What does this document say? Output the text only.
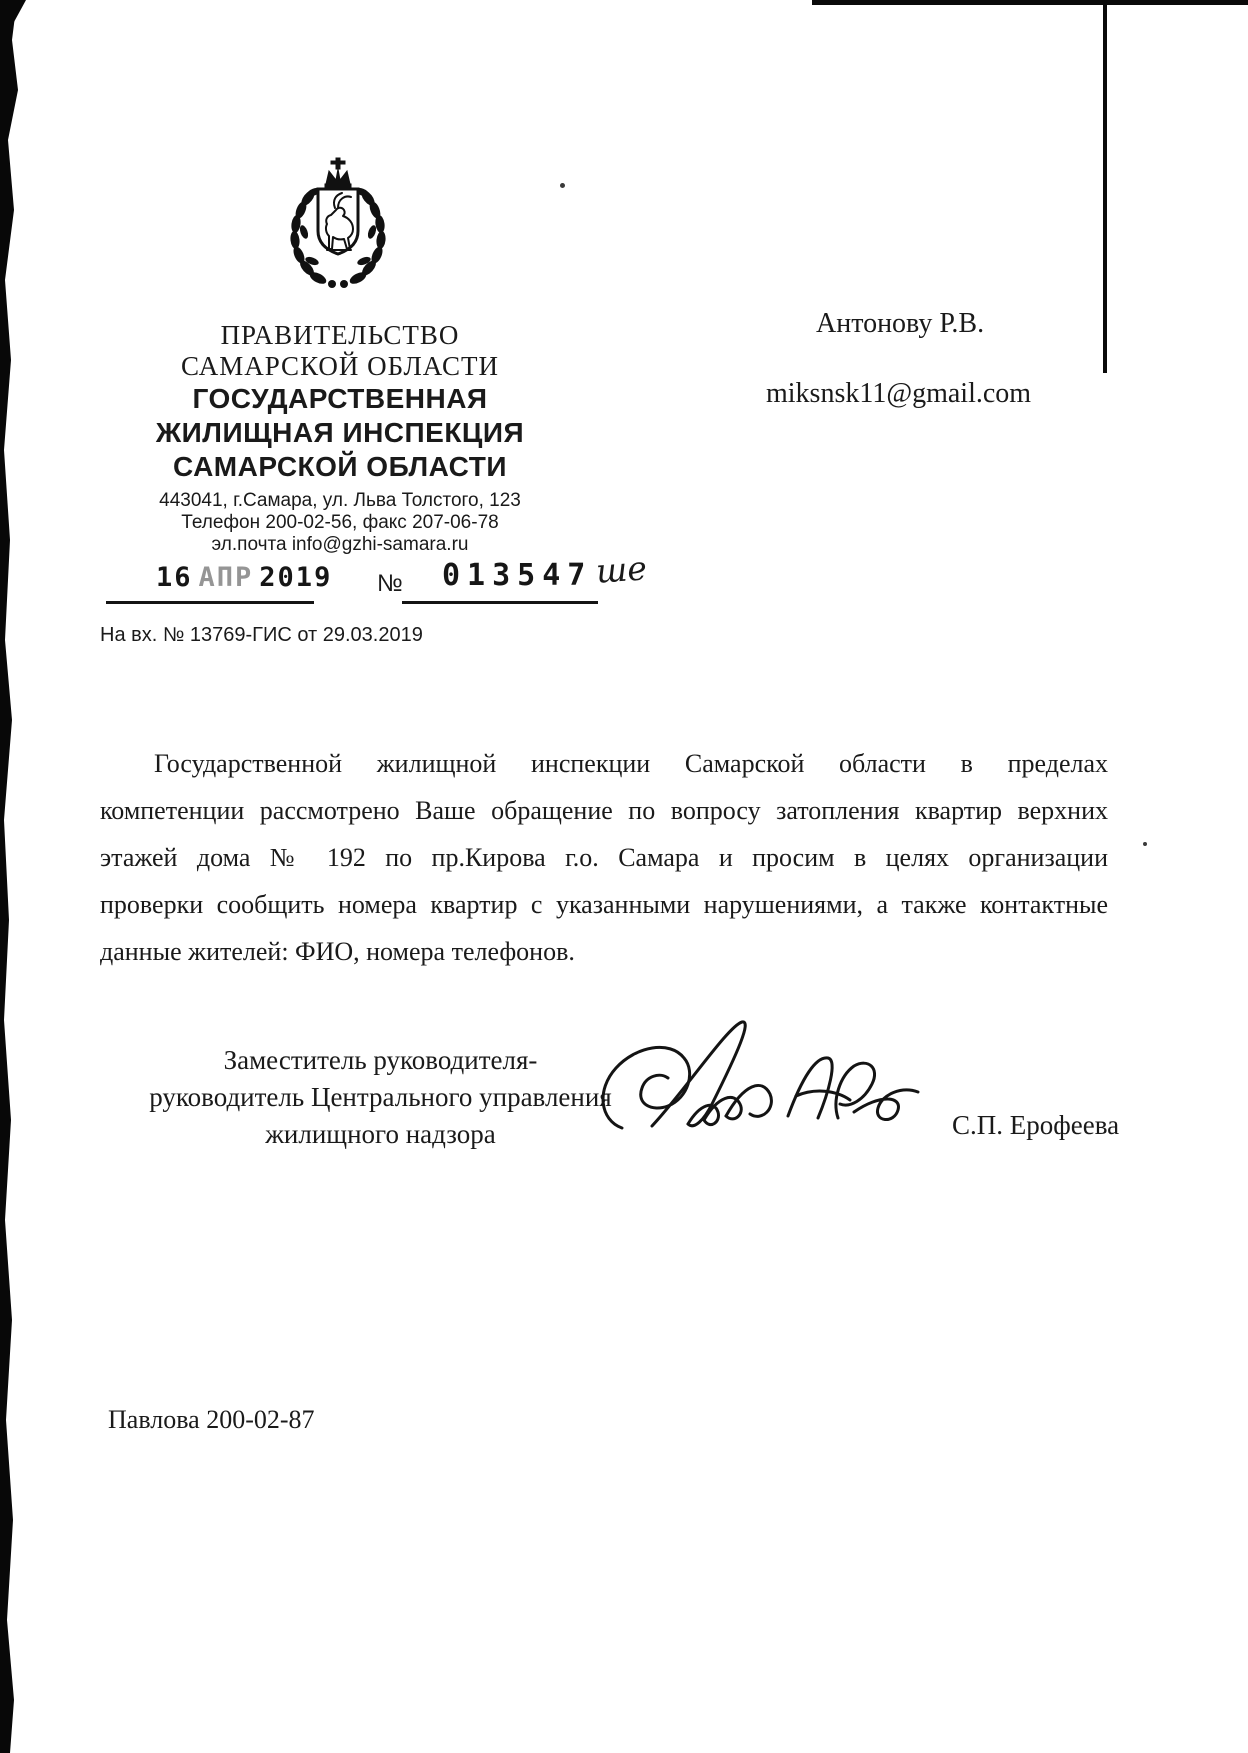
ПРАВИТЕЛЬСТВО
САМАРСКОЙ ОБЛАСТИ
ГОСУДАРСТВЕННАЯ
ЖИЛИЩНАЯ ИНСПЕКЦИЯ
САМАРСКОЙ ОБЛАСТИ
443041, г.Самара, ул. Льва Толстого, 123
Телефон 200-02-56, факс 207-06-78
эл.почта info@gzhi-samara.ru
16 АПР 2019 № 013547 ше
На вх. № 13769-ГИС от 29.03.2019
Антонову Р.В.
miksnsk11@gmail.com
Государственной жилищной инспекции Самарской области в пределах
компетенции рассмотрено Ваше обращение по вопросу затопления квартир верхних
этажей дома № 192 по пр.Кирова г.о. Самара и просим в целях организации
проверки сообщить номера квартир с указанными нарушениями, а также контактные
данные жителей: ФИО, номера телефонов.
Заместитель руководителя-
руководитель Центрального управления
жилищного надзора	С.П. Ерофеева
Павлова 200-02-87
